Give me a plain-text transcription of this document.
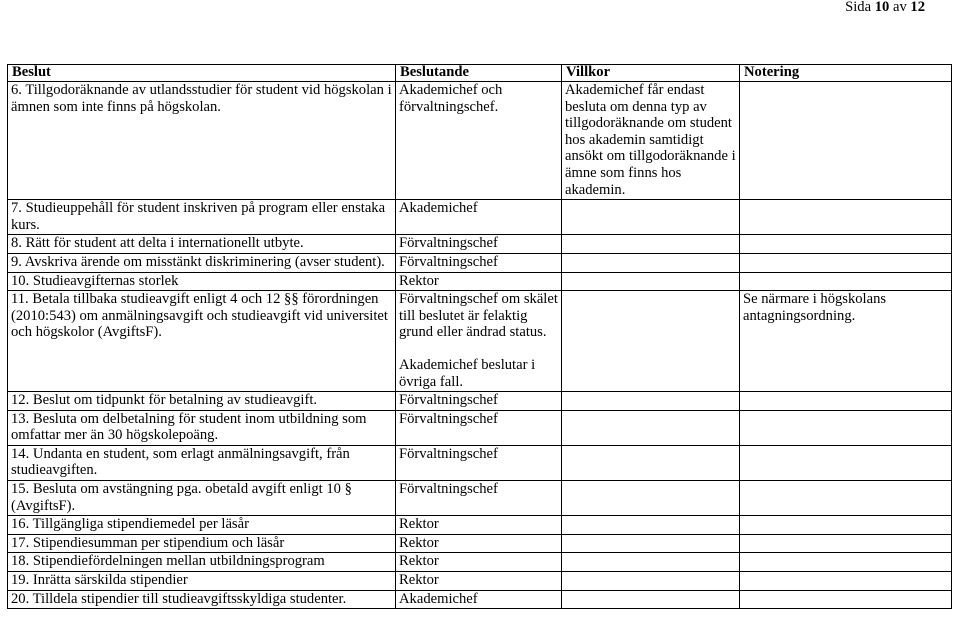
Sida 10 av 12
Beslut	Beslutande	Villkor	Notering
6. Tillgodoräknande av utlandsstudier för student vid högskolan i ämnen som inte finns på högskolan.	Akademichef och förvaltningschef.	Akademichef får endast besluta om denna typ av tillgodoräknande om student hos akademin samtidigt ansökt om tillgodoräknande i ämne som finns hos akademin.	
7. Studieuppehåll för student inskriven på program eller enstaka kurs.	Akademichef		

8. Rätt för student att delta i internationellt utbyte.	Förvaltningschef		

9. Avskriva ärende om misstänkt diskriminering (avser student).	Förvaltningschef		

10. Studieavgifternas storlek	Rektor		

11. Betala tillbaka studieavgift enligt 4 och 12 §§ förordningen (2010:543) om anmälningsavgift och studieavgift vid universitet och högskolor (AvgiftsF).	Förvaltningschef om skälet till beslutet är felaktig grund eller ändrad status.
Akademichef beslutar i övriga fall.		Se närmare i högskolans antagningsordning.
12. Beslut om tidpunkt för betalning av studieavgift.	Förvaltningschef		

13. Besluta om delbetalning för student inom utbildning som omfattar mer än 30 högskolepoäng.	Förvaltningschef		

14. Undanta en student, som erlagt anmälningsavgift, från studieavgiften.	Förvaltningschef		

15. Besluta om avstängning pga. obetald avgift enligt 10 § (AvgiftsF).	Förvaltningschef		

16. Tillgängliga stipendiemedel per läsår	Rektor		

17. Stipendiesumman per stipendium och läsår	Rektor		

18. Stipendiefördelningen mellan utbildningsprogram	Rektor		

19. Inrätta särskilda stipendier	Rektor		

20. Tilldela stipendier till studieavgiftsskyldiga studenter.	Akademichef		
